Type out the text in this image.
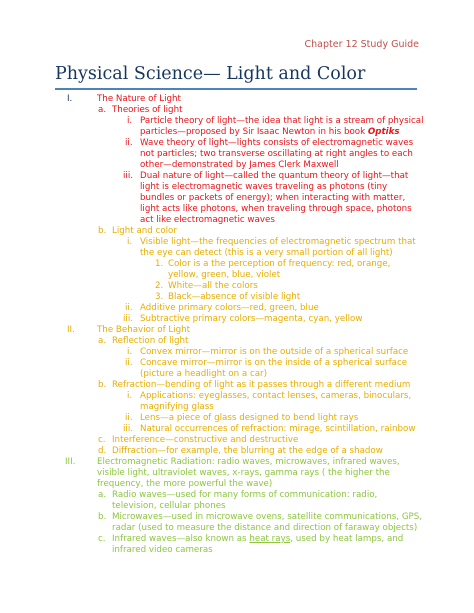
Chapter 12 Study Guide
Physical Science— Light and Color
I.	The Nature of Light
a. Theories of light
i. Particle theory of light—the idea that light is a stream of physical
particles—proposed by Sir Isaac Newton in his book Optiks
ii. Wave theory of light—lights consists of electromagnetic waves
not particles; two transverse oscillating at right angles to each
other—demonstrated by James Clerk Maxwell
iii. Dual nature of light—called the quantum theory of light—that
light is electromagnetic waves traveling as photons (tiny
bundles or packets of energy); when interacting with matter,
light acts like photons, when traveling through space, photons
act like electromagnetic waves
b. Light and color
i. Visible light—the frequencies of electromagnetic spectrum that
the eye can detect (this is a very small portion of all light)
1. Color is a the perception of frequency: red, orange,
yellow, green, blue, violet
2. White—all the colors
3. Black—absence of visible light
ii. Additive primary colors—red, green, blue
iii. Subtractive primary colors—magenta, cyan, yellow
II.	The Behavior of Light
a. Reflection of light
i. Convex mirror—mirror is on the outside of a spherical surface
ii. Concave mirror—mirror is on the inside of a spherical surface
(picture a headlight on a car)
b. Refraction—bending of light as it passes through a different medium
i. Applications: eyeglasses, contact lenses, cameras, binoculars,
magnifying glass
ii. Lens—a piece of glass designed to bend light rays
iii. Natural occurrences of refraction: mirage, scintillation, rainbow
c. Interference—constructive and destructive
d. Diffraction—for example, the blurring at the edge of a shadow
III. Electromagnetic Radiation: radio waves, microwaves, infrared waves,
visible light, ultraviolet waves, x-rays, gamma rays ( the higher the
frequency, the more powerful the wave)
a. Radio waves—used for many forms of communication: radio,
television, cellular phones
b. Microwaves—used in microwave ovens, satellite communications, GPS,
radar (used to measure the distance and direction of faraway objects)
c. Infrared waves—also known as heat rays, used by heat lamps, and
infrared video cameras
